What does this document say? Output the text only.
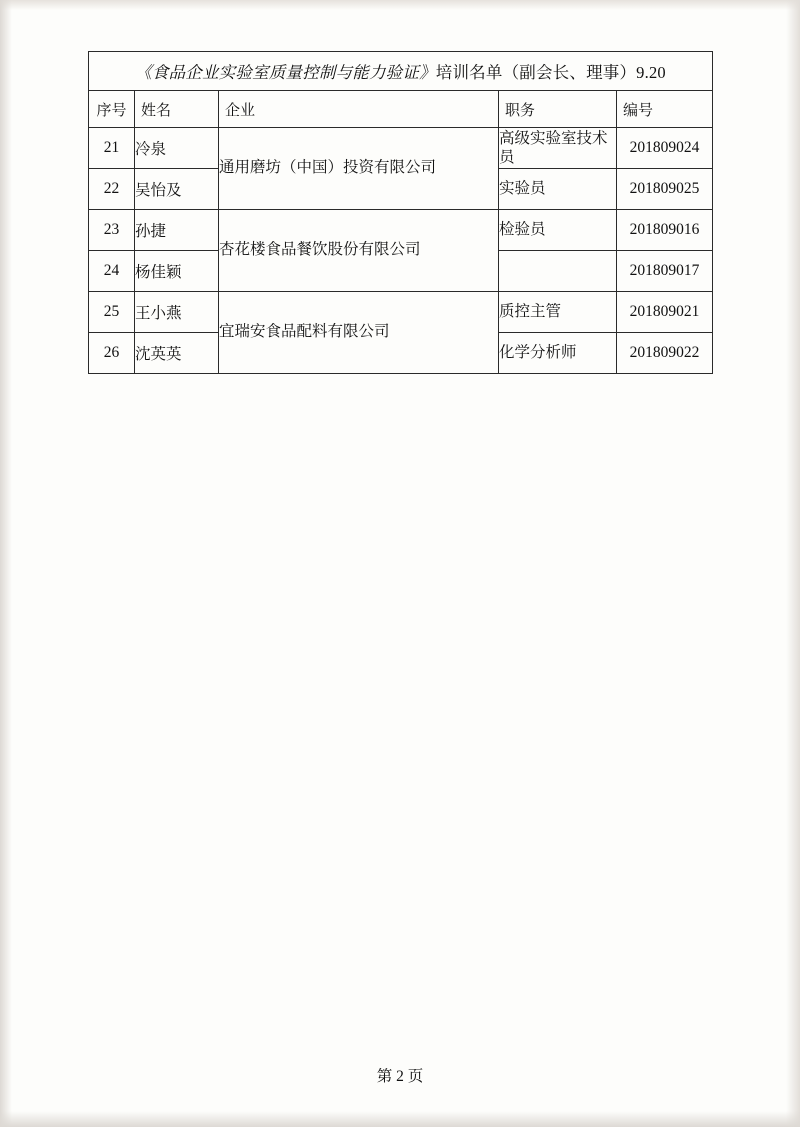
《食品企业实验室质量控制与能力验证》培训名单（副会长、理事）9.20				
序号	姓名	企业	职务	编号
21	冷泉	通用磨坊（中国）投资有限公司	高级实验室技术员	201809024
22	吴怡及		实验员	201809025
23	孙捷	杏花楼食品餐饮股份有限公司	检验员	201809016
24	杨佳颖			201809017
25	王小燕	宜瑞安食品配料有限公司	质控主管	201809021
26	沈英英		化学分析师	201809022
第 2 页
